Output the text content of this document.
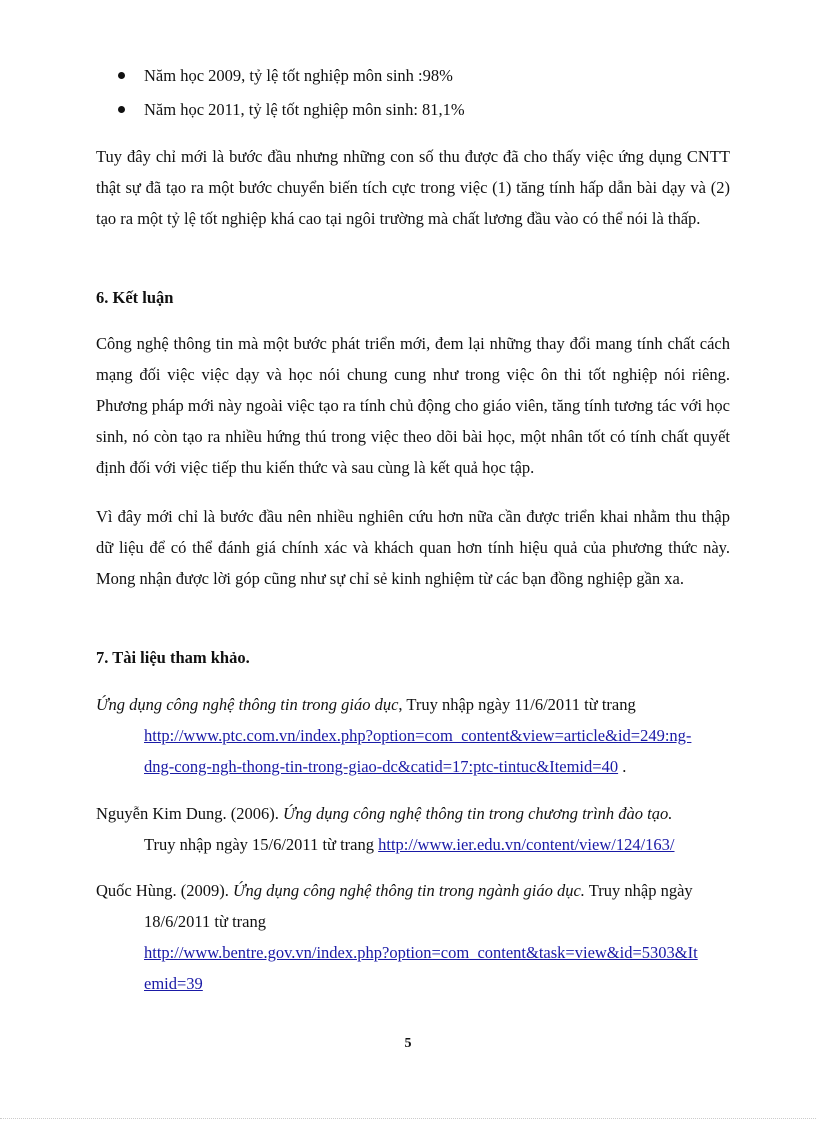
Năm học 2009, tỷ lệ tốt nghiệp môn sinh :98%
Năm học 2011, tỷ lệ tốt nghiệp môn sinh: 81,1%

Tuy đây chỉ mới là bước đầu nhưng những con số thu được đã cho thấy việc ứng dụng CNTT thật sự đã tạo ra một bước chuyển biến tích cực trong việc (1) tăng tính hấp dẫn bài dạy và (2) tạo ra một tỷ lệ tốt nghiệp khá cao tại ngôi trường mà chất lương đầu vào có thể nói là thấp.

6. Kết luận

Công nghệ thông tin mà một bước phát triển mới, đem lại những thay đổi mang tính chất cách mạng đối việc việc dạy và học nói chung cung như trong việc ôn thi tốt nghiệp nói riêng. Phương pháp mới này ngoài việc tạo ra tính chủ động cho giáo viên, tăng tính tương tác với học sinh, nó còn tạo ra nhiều hứng thú trong việc theo dõi bài học, một nhân tốt có tính chất quyết định đối với việc tiếp thu kiến thức và sau cùng là kết quả học tập.

Vì đây mới chỉ là bước đầu nên nhiều nghiên cứu hơn nữa cần được triển khai nhằm thu thập dữ liệu để có thể đánh giá chính xác và khách quan hơn tính hiệu quả của phương thức này. Mong nhận được lời góp cũng như sự chỉ sẻ kinh nghiệm từ các bạn đồng nghiệp gần xa.

7. Tài liệu tham khảo.
Ứng dụng công nghệ thông tin trong giáo dục, Truy nhập ngày 11/6/2011 từ trang
http://www.ptc.com.vn/index.php?option=com_content&view=article&id=249:ng-
dng-cong-ngh-thong-tin-trong-giao-dc&catid=17:ptc-tintuc&Itemid=40 .
Nguyễn Kim Dung. (2006). Ứng dụng công nghệ thông tin trong chương trình đào tạo.
Truy nhập ngày 15/6/2011 từ trang http://www.ier.edu.vn/content/view/124/163/
Quốc Hùng. (2009). Ứng dụng công nghệ thông tin trong ngành giáo dục. Truy nhập ngày
18/6/2011 từ trang
http://www.bentre.gov.vn/index.php?option=com_content&task=view&id=5303&It
emid=39
5
